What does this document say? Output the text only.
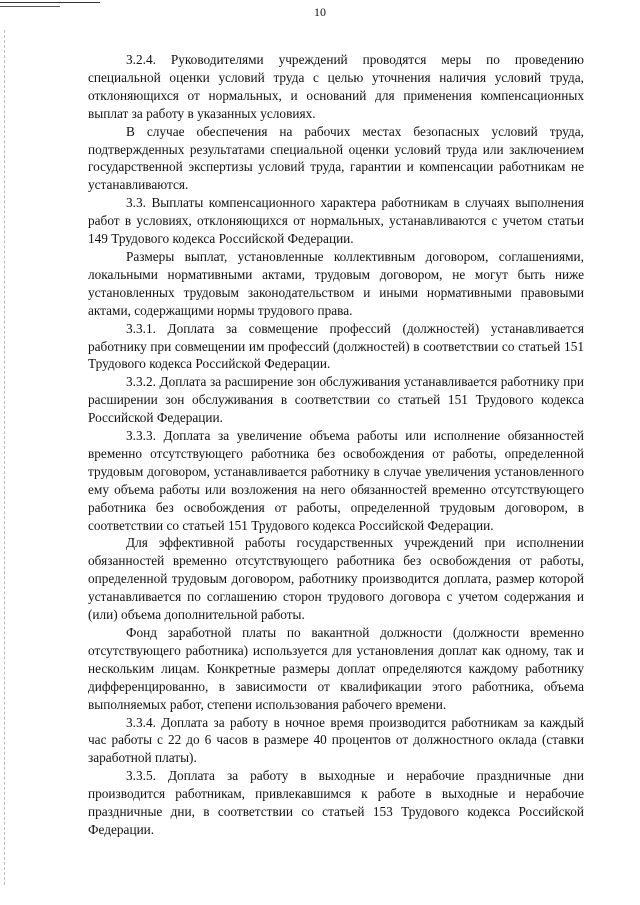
10

3.2.4. Руководителями учреждений проводятся меры по проведению специальной оценки условий труда с целью уточнения наличия условий труда, отклоняющихся от нормальных, и оснований для применения компенсационных выплат за работу в указанных условиях.

В случае обеспечения на рабочих местах безопасных условий труда, подтвержденных результатами специальной оценки условий труда или заключением государственной экспертизы условий труда, гарантии и компенсации работникам не устанавливаются.

3.3. Выплаты компенсационного характера работникам в случаях выполнения работ в условиях, отклоняющихся от нормальных, устанавливаются с учетом статьи 149 Трудового кодекса Российской Федерации.

Размеры выплат, установленные коллективным договором, соглашениями, локальными нормативными актами, трудовым договором, не могут быть ниже установленных трудовым законодательством и иными нормативными правовыми актами, содержащими нормы трудового права.

3.3.1. Доплата за совмещение профессий (должностей) устанавливается работнику при совмещении им профессий (должностей) в соответствии со статьей 151 Трудового кодекса Российской Федерации.

3.3.2. Доплата за расширение зон обслуживания устанавливается работнику при расширении зон обслуживания в соответствии со статьей 151 Трудового кодекса Российской Федерации.

3.3.3. Доплата за увеличение объема работы или исполнение обязанностей временно отсутствующего работника без освобождения от работы, определенной трудовым договором, устанавливается работнику в случае увеличения установленного ему объема работы или возложения на него обязанностей временно отсутствующего работника без освобождения от работы, определенной трудовым договором, в соответствии со статьей 151 Трудового кодекса Российской Федерации.

Для эффективной работы государственных учреждений при исполнении обязанностей временно отсутствующего работника без освобождения от работы, определенной трудовым договором, работнику производится доплата, размер которой устанавливается по соглашению сторон трудового договора с учетом содержания и (или) объема дополнительной работы.

Фонд заработной платы по вакантной должности (должности временно отсутствующего работника) используется для установления доплат как одному, так и нескольким лицам. Конкретные размеры доплат определяются каждому работнику дифференцированно, в зависимости от квалификации этого работника, объема выполняемых работ, степени использования рабочего времени.

3.3.4. Доплата за работу в ночное время производится работникам за каждый час работы с 22 до 6 часов в размере 40 процентов от должностного оклада (ставки заработной платы).

3.3.5. Доплата за работу в выходные и нерабочие праздничные дни производится работникам, привлекавшимся к работе в выходные и нерабочие праздничные дни, в соответствии со статьей 153 Трудового кодекса Российской Федерации.
